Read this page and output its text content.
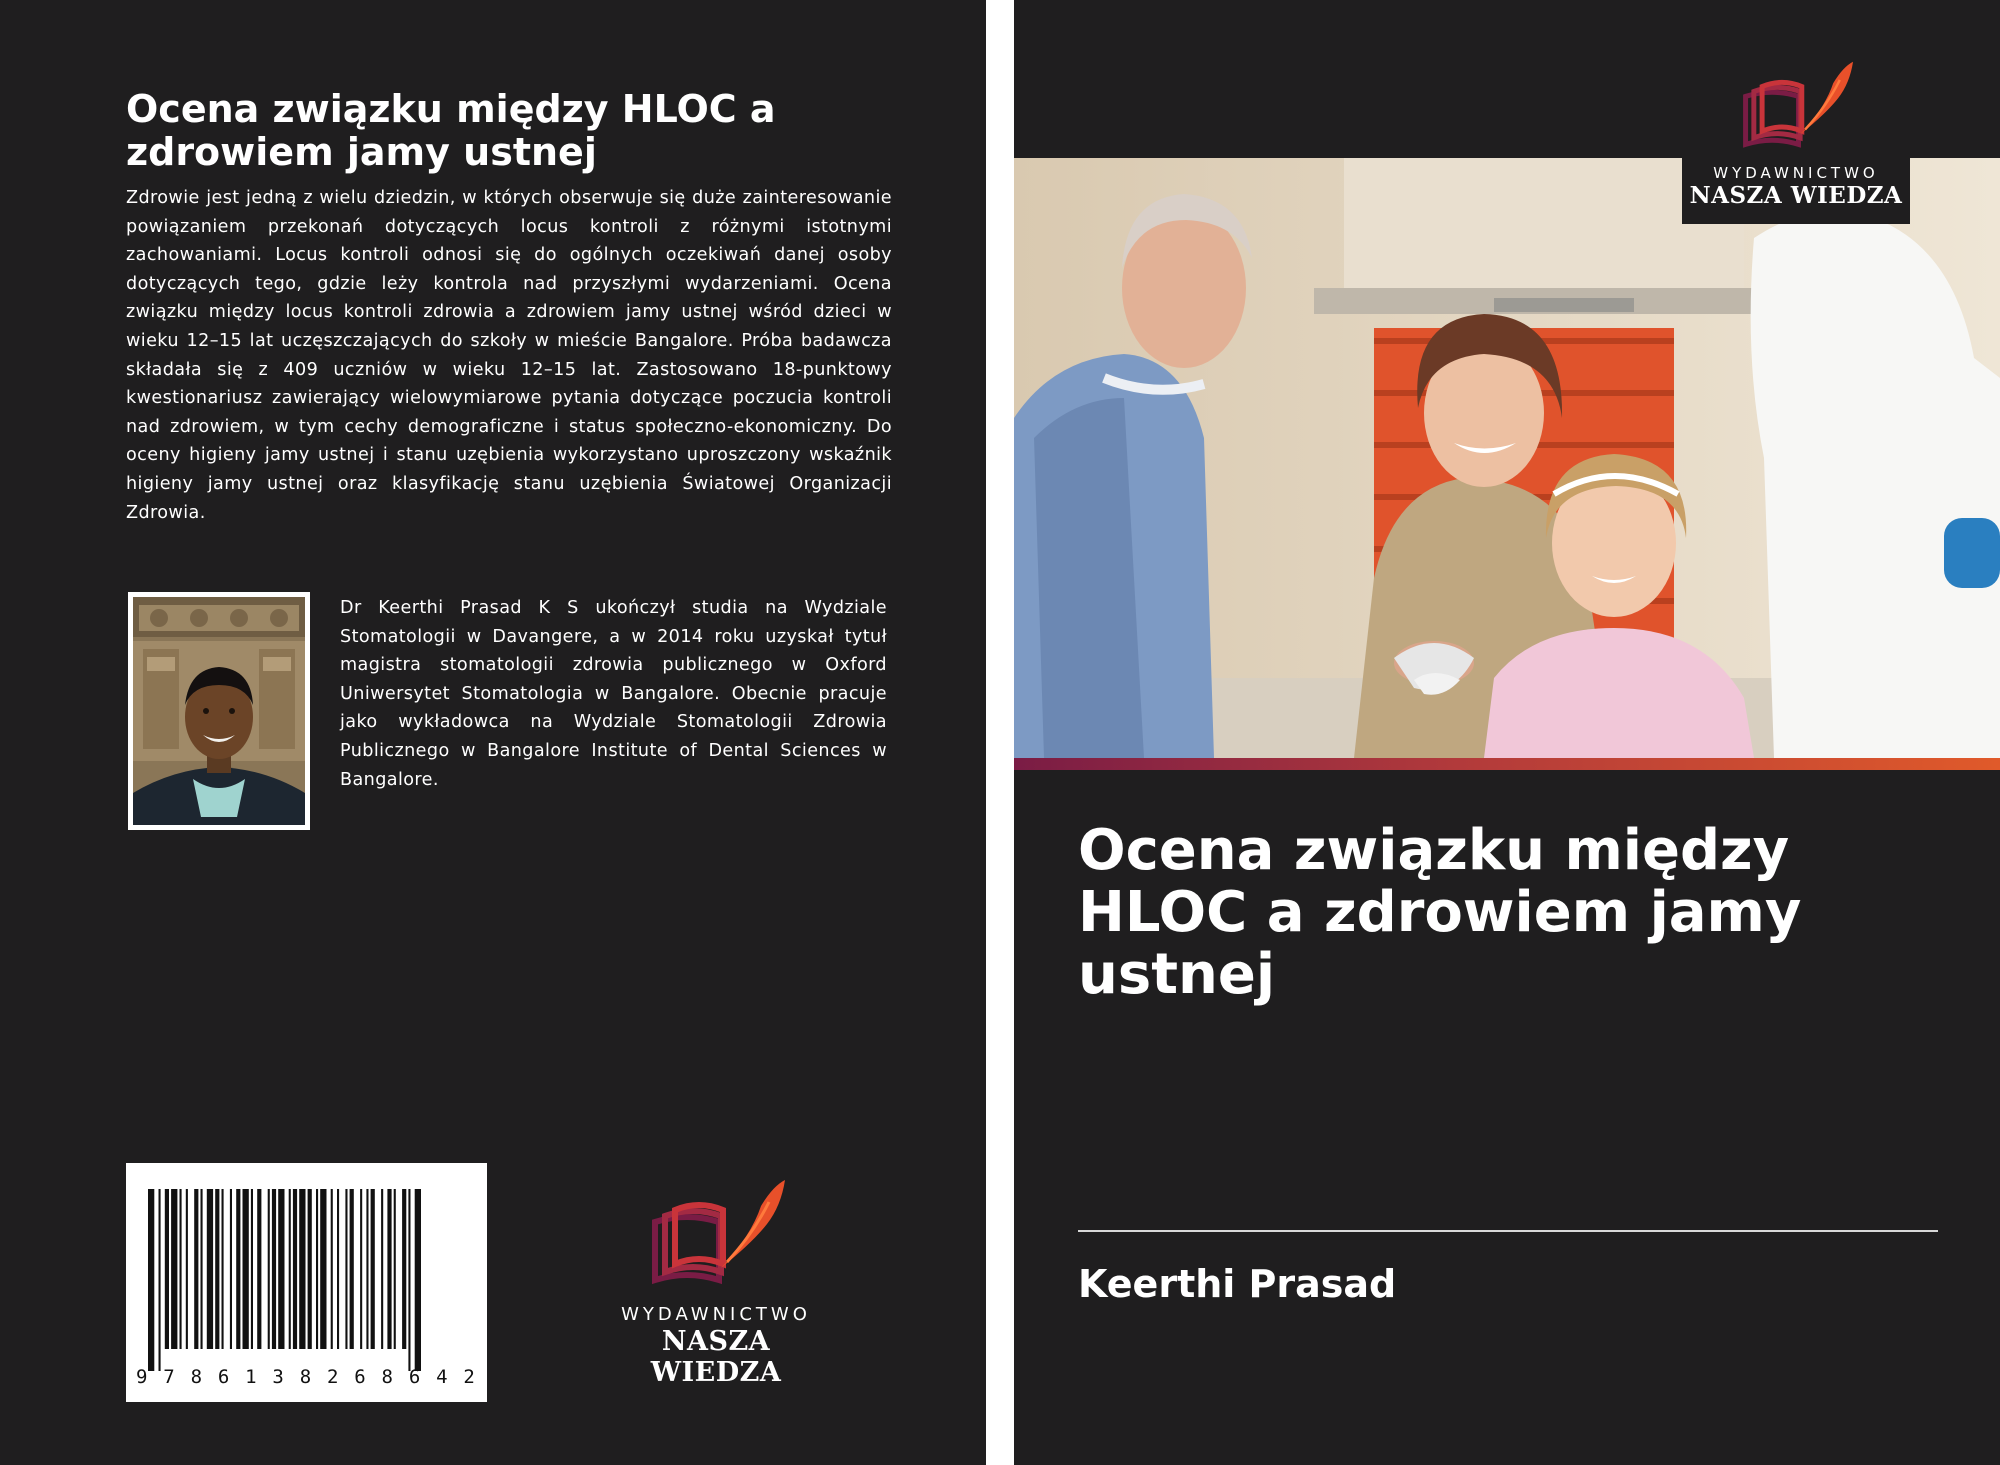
Ocena związku między HLOC a
zdrowiem jamy ustnej

Zdrowie jest jedną z wielu dziedzin, w których obserwuje się duże zainteresowanie powiązaniem przekonań dotyczących locus kontroli z różnymi istotnymi zachowaniami. Locus kontroli odnosi się do ogólnych oczekiwań danej osoby dotyczących tego, gdzie leży kontrola nad przyszłymi wydarzeniami. Ocena związku między locus kontroli zdrowia a zdrowiem jamy ustnej wśród dzieci w wieku 12–15 lat uczęszczających do szkoły w mieście Bangalore. Próba badawcza składała się z 409 uczniów w wieku 12–15 lat. Zastosowano 18-punktowy kwestionariusz zawierający wielowymiarowe pytania dotyczące poczucia kontroli nad zdrowiem, w tym cechy demograficzne i status społeczno-ekonomiczny. Do oceny higieny jamy ustnej i stanu uzębienia wykorzystano uproszczony wskaźnik higieny jamy ustnej oraz klasyfikację stanu uzębienia Światowej Organizacji Zdrowia.

Dr Keerthi Prasad K S ukończył studia na Wydziale Stomatologii w Davangere, a w 2014 roku uzyskał tytuł magistra stomatologii zdrowia publicznego w Oxford Uniwersytet Stomatologia w Bangalore. Obecnie pracuje jako wykładowca na Wydziale Stomatologii Zdrowia Publicznego w Bangalore Institute of Dental Sciences w Bangalore.

9 7 8 6 1 3 8 2 6 8 6 4 2
WYDAWNICTWO
NASZA WIEDZA
WYDAWNICTWO
NASZA WIEDZA
Ocena związku między
HLOC a zdrowiem jamy
ustnej

Keerthi Prasad
